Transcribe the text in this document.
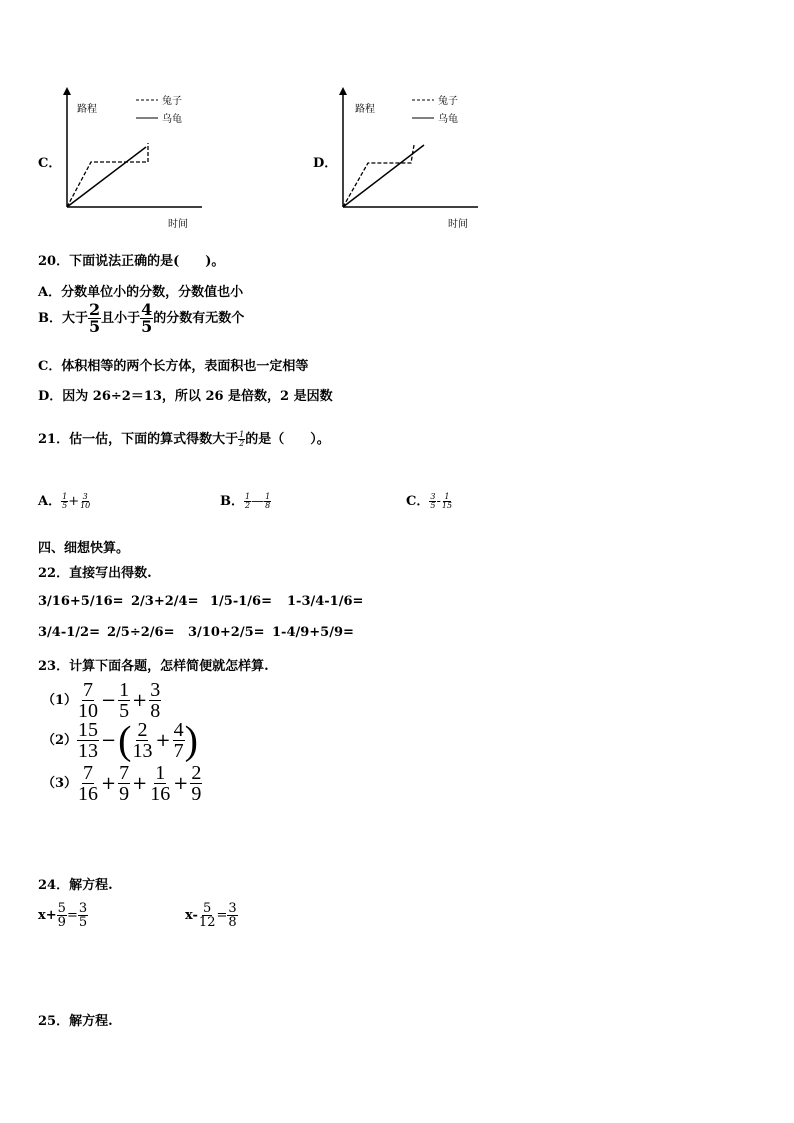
C．
路程
兔子
乌龟
时间
D．
路程
兔子
乌龟
时间
20．下面说法正确的是(　　)。
A．分数单位小的分数，分数值也小
B．大于 $\frac{2}{5}$ 且小于 $\frac{4}{5}$ 的分数有无数个
C．体积相等的两个长方体，表面积也一定相等
D．因为 26÷2＝13，所以 26 是倍数，2 是因数
21．估一估，下面的算式得数大于 $\frac{1}{2}$ 的是（　　）。
A． $\frac{1}{5} + \frac{3}{10}$	B． $\frac{1}{2}$ — $\frac{1}{8}$	C． $\frac{3}{5} - \frac{1}{15}$
四、细想快算。
22．直接写出得数.
3/16+5/16= 2/3+2/4= 1/5-1/6= 1-3/4-1/6=
3/4-1/2= 2/5÷2/6= 3/10+2/5= 1-4/9+5/9=
23．计算下面各题，怎样简便就怎样算.
$(1) \frac{7}{10} - \frac{1}{5} + \frac{3}{8}$
$(2) \frac{15}{13}$ −( $\frac{2}{13} + \frac{4}{7}$ )
$(3) \frac{7}{16} + \frac{7}{9} + \frac{1}{16} + \frac{2}{9}$
24．解方程.
$x+ \frac{5}{9} = \frac{3}{5}$	$x- \frac{5}{12} = \frac{3}{8}$
25．解方程.
